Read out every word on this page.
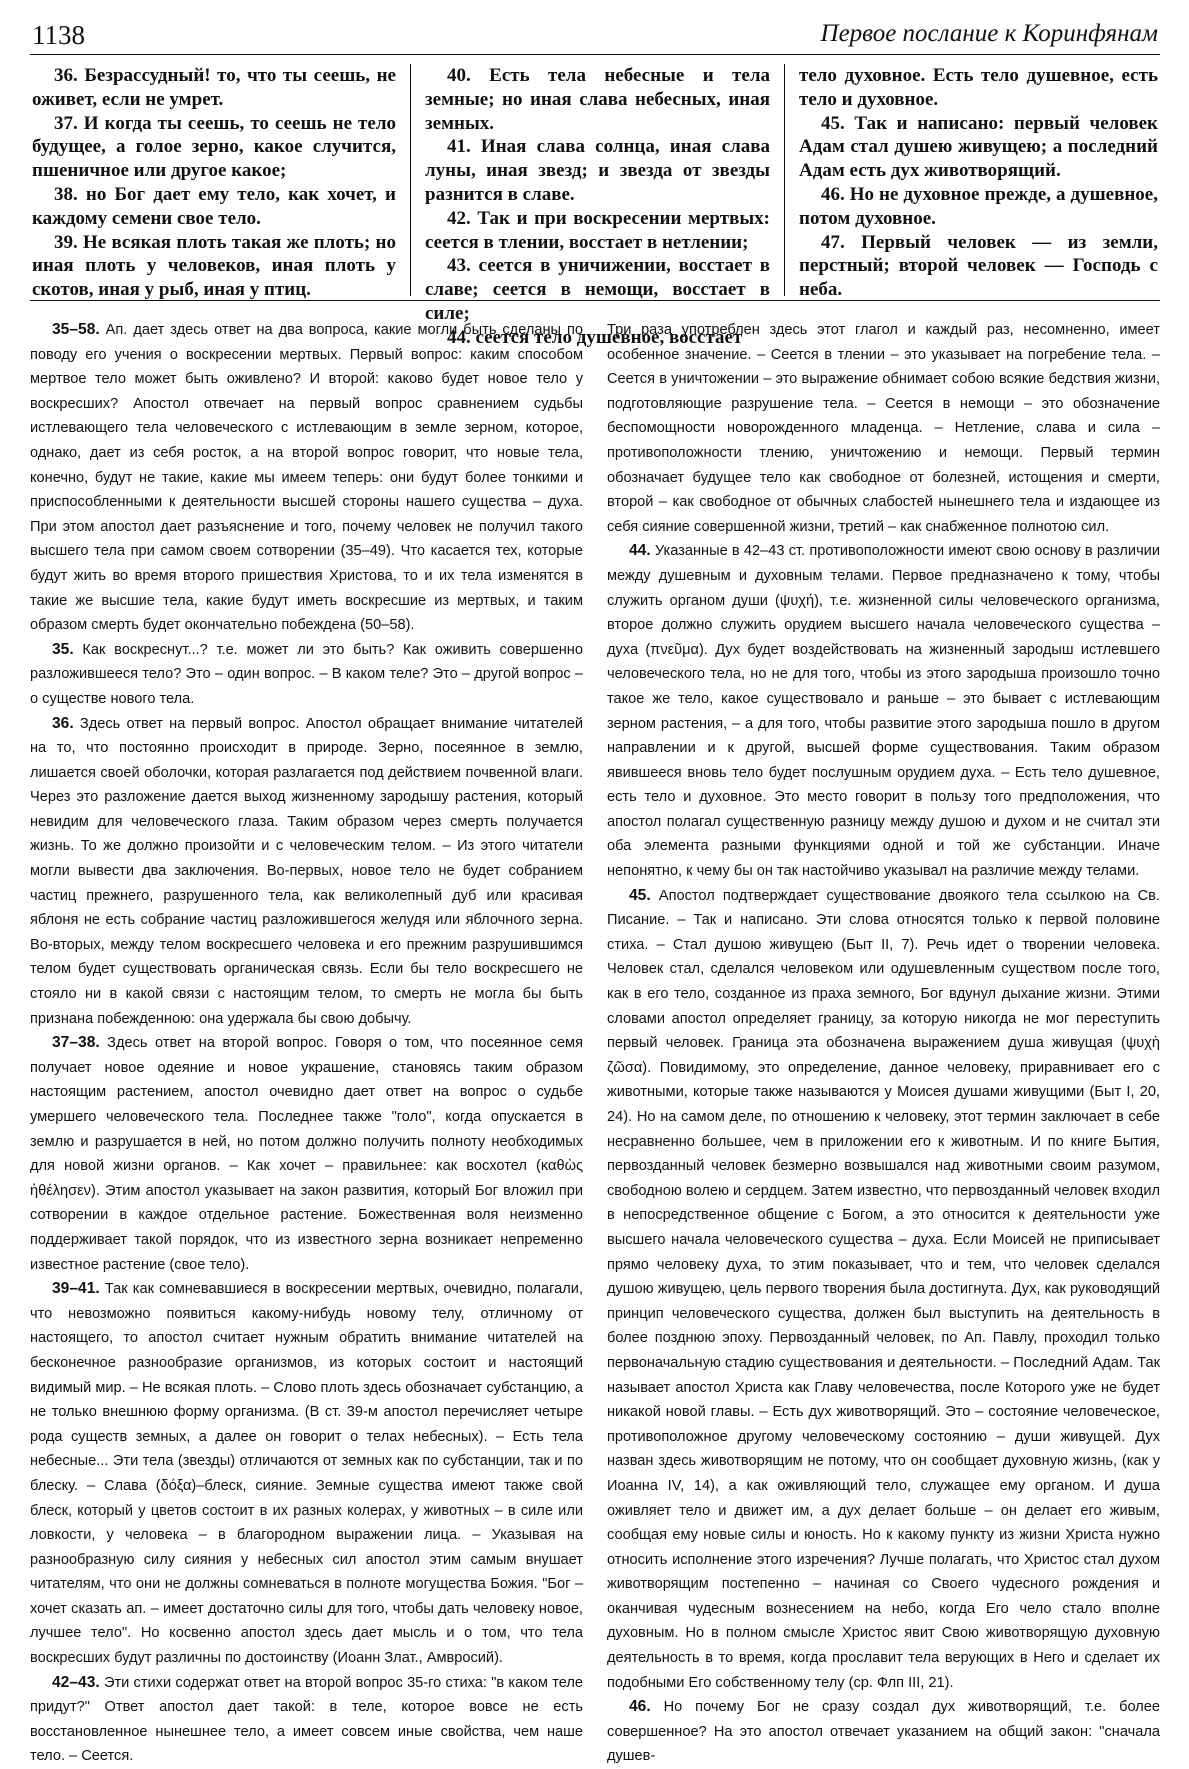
1138	Первое послание к Коринфянам

36. Безрассудный! то, что ты сеешь, не оживет, если не умрет.

37. И когда ты сеешь, то сеешь не тело будущее, а голое зерно, какое случится, пшеничное или другое какое;

38. но Бог дает ему тело, как хочет, и каждому семени свое тело.

39. Не всякая плоть такая же плоть; но иная плоть у человеков, иная плоть у скотов, иная у рыб, иная у птиц.

40. Есть тела небесные и тела земные; но иная слава небесных, иная земных.

41. Иная слава солнца, иная слава луны, иная звезд; и звезда от звезды разнится в славе.

42. Так и при воскресении мертвых: сеется в тлении, восстает в нетлении;

43. сеется в уничижении, восстает в славе; сеется в немощи, восстает в силе;

44. сеется тело душевное, восстает

тело духовное. Есть тело душевное, есть тело и духовное.

45. Так и написано: первый человек Адам стал душею живущею; а последний Адам есть дух животворящий.

46. Но не духовное прежде, а душевное, потом духовное.

47. Первый человек — из земли, перстный; второй человек — Господь с неба.

35–58. Ап. дает здесь ответ на два вопроса, какие могли быть сделаны по поводу его учения о воскресении мертвых. Первый вопрос: каким способом мертвое тело может быть оживлено? И второй: каково будет новое тело у воскресших? Апостол отвечает на первый вопрос сравнением судьбы истлевающего тела человеческого с истлевающим в земле зерном, которое, однако, дает из себя росток, а на второй вопрос говорит, что новые тела, конечно, будут не такие, какие мы имеем теперь: они будут более тонкими и приспособленными к деятельности высшей стороны нашего существа – духа. При этом апостол дает разъяснение и того, почему человек не получил такого высшего тела при самом своем сотворении (35–49). Что касается тех, которые будут жить во время второго пришествия Христова, то и их тела изменятся в такие же высшие тела, какие будут иметь воскресшие из мертвых, и таким образом смерть будет окончательно побеждена (50–58).

35. Как воскреснут...? т.е. может ли это быть? Как оживить совершенно разложившееся тело? Это – один вопрос. – В каком теле? Это – другой вопрос – о существе нового тела.

36. Здесь ответ на первый вопрос. Апостол обращает внимание читателей на то, что постоянно происходит в природе. Зерно, посеянное в землю, лишается своей оболочки, которая разлагается под действием почвенной влаги. Через это разложение дается выход жизненному зародышу растения, который невидим для человеческого глаза. Таким образом через смерть получается жизнь. То же должно произойти и с человеческим телом. – Из этого читатели могли вывести два заключения. Во-первых, новое тело не будет собранием частиц прежнего, разрушенного тела, как великолепный дуб или красивая яблоня не есть собрание частиц разложившегося желудя или яблочного зерна. Во-вторых, между телом воскресшего человека и его прежним разрушившимся телом будет существовать органическая связь. Если бы тело воскресшего не стояло ни в какой связи с настоящим телом, то смерть не могла бы быть признана побежденною: она удержала бы свою добычу.

37–38. Здесь ответ на второй вопрос. Говоря о том, что посеянное семя получает новое одеяние и новое украшение, становясь таким образом настоящим растением, апостол очевидно дает ответ на вопрос о судьбе умершего человеческого тела. Последнее также "голо", когда опускается в землю и разрушается в ней, но потом должно получить полноту необходимых для новой жизни органов. – Как хочет – правильнее: как восхотел (καθὼς ἠθέλησεν). Этим апостол указывает на закон развития, который Бог вложил при сотворении в каждое отдельное растение. Божественная воля неизменно поддерживает такой порядок, что из известного зерна возникает непременно известное растение (свое тело).

39–41. Так как сомневавшиеся в воскресении мертвых, очевидно, полагали, что невозможно появиться какому-нибудь новому телу, отличному от настоящего, то апостол считает нужным обратить внимание читателей на бесконечное разнообразие организмов, из которых состоит и настоящий видимый мир. – Не всякая плоть. – Слово плоть здесь обозначает субстанцию, а не только внешнюю форму организма. (В ст. 39-м апостол перечисляет четыре рода существ земных, а далее он говорит о телах небесных). – Есть тела небесные... Эти тела (звезды) отличаются от земных как по субстанции, так и по блеску. – Слава (δόξα)–блеск, сияние. Земные существа имеют также свой блеск, который у цветов состоит в их разных колерах, у животных – в силе или ловкости, у человека – в благородном выражении лица. – Указывая на разнообразную силу сияния у небесных сил апостол этим самым внушает читателям, что они не должны сомневаться в полноте могущества Божия. "Бог – хочет сказать ап. – имеет достаточно силы для того, чтобы дать человеку новое, лучшее тело". Но косвенно апостол здесь дает мысль и о том, что тела воскресших будут различны по достоинству (Иоанн Злат., Амвросий).

42–43. Эти стихи содержат ответ на второй вопрос 35-го стиха: "в каком теле придут?" Ответ апостол дает такой: в теле, которое вовсе не есть восстановленное нынешнее тело, а имеет совсем иные свойства, чем наше тело. – Сеется.

Три раза употреблен здесь этот глагол и каждый раз, несомненно, имеет особенное значение. – Сеется в тлении – это указывает на погребение тела. – Сеется в уничтожении – это выражение обнимает собою всякие бедствия жизни, подготовляющие разрушение тела. – Сеется в немощи – это обозначение беспомощности новорожденного младенца. – Нетление, слава и сила – противоположности тлению, уничтожению и немощи. Первый термин обозначает будущее тело как свободное от болезней, истощения и смерти, второй – как свободное от обычных слабостей нынешнего тела и издающее из себя сияние совершенной жизни, третий – как снабженное полнотою сил.

44. Указанные в 42–43 ст. противоположности имеют свою основу в различии между душевным и духовным телами. Первое предназначено к тому, чтобы служить органом души (ψυχή), т.е. жизненной силы человеческого организма, второе должно служить орудием высшего начала человеческого существа – духа (πνεῦμα). Дух будет воздействовать на жизненный зародыш истлевшего человеческого тела, но не для того, чтобы из этого зародыша произошло точно такое же тело, какое существовало и раньше – это бывает с истлевающим зерном растения, – а для того, чтобы развитие этого зародыша пошло в другом направлении и к другой, высшей форме существования. Таким образом явившееся вновь тело будет послушным орудием духа. – Есть тело душевное, есть тело и духовное. Это место говорит в пользу того предположения, что апостол полагал существенную разницу между душою и духом и не считал эти оба элемента разными функциями одной и той же субстанции. Иначе непонятно, к чему бы он так настойчиво указывал на различие между телами.

45. Апостол подтверждает существование двоякого тела ссылкою на Св. Писание. – Так и написано. Эти слова относятся только к первой половине стиха. – Стал душою живущею (Быт II, 7). Речь идет о творении человека. Человек стал, сделался человеком или одушевленным существом после того, как в его тело, созданное из праха земного, Бог вдунул дыхание жизни. Этими словами апостол определяет границу, за которую никогда не мог переступить первый человек. Граница эта обозначена выражением душа живущая (ψυχὴ ζῶσα). Повидимому, это определение, данное человеку, приравнивает его с животными, которые также называются у Моисея душами живущими (Быт I, 20, 24). Но на самом деле, по отношению к человеку, этот термин заключает в себе несравненно большее, чем в приложении его к животным. И по книге Бытия, первозданный человек безмерно возвышался над животными своим разумом, свободною волею и сердцем. Затем известно, что первозданный человек входил в непосредственное общение с Богом, а это относится к деятельности уже высшего начала человеческого существа – духа. Если Моисей не приписывает прямо человеку духа, то этим показывает, что и тем, что человек сделался душою живущею, цель первого творения была достигнута. Дух, как руководящий принцип человеческого существа, должен был выступить на деятельность в более позднюю эпоху. Первозданный человек, по Ап. Павлу, проходил только первоначальную стадию существования и деятельности. – Последний Адам. Так называет апостол Христа как Главу человечества, после Которого уже не будет никакой новой главы. – Есть дух животворящий. Это – состояние человеческое, противоположное другому человеческому состоянию – души живущей. Дух назван здесь животворящим не потому, что он сообщает духовную жизнь, (как у Иоанна IV, 14), а как оживляющий тело, служащее ему органом. И душа оживляет тело и движет им, а дух делает больше – он делает его живым, сообщая ему новые силы и юность. Но к какому пункту из жизни Христа нужно относить исполнение этого изречения? Лучше полагать, что Христос стал духом животворящим постепенно – начиная со Своего чудесного рождения и оканчивая чудесным вознесением на небо, когда Его чело стало вполне духовным. Но в полном смысле Христос явит Свою животворящую духовную деятельность в то время, когда прославит тела верующих в Него и сделает их подобными Его собственному телу (ср. Флп III, 21).

46. Но почему Бог не сразу создал дух животворящий, т.е. более совершенное? На это апостол отвечает указанием на общий закон: "сначала душев-
